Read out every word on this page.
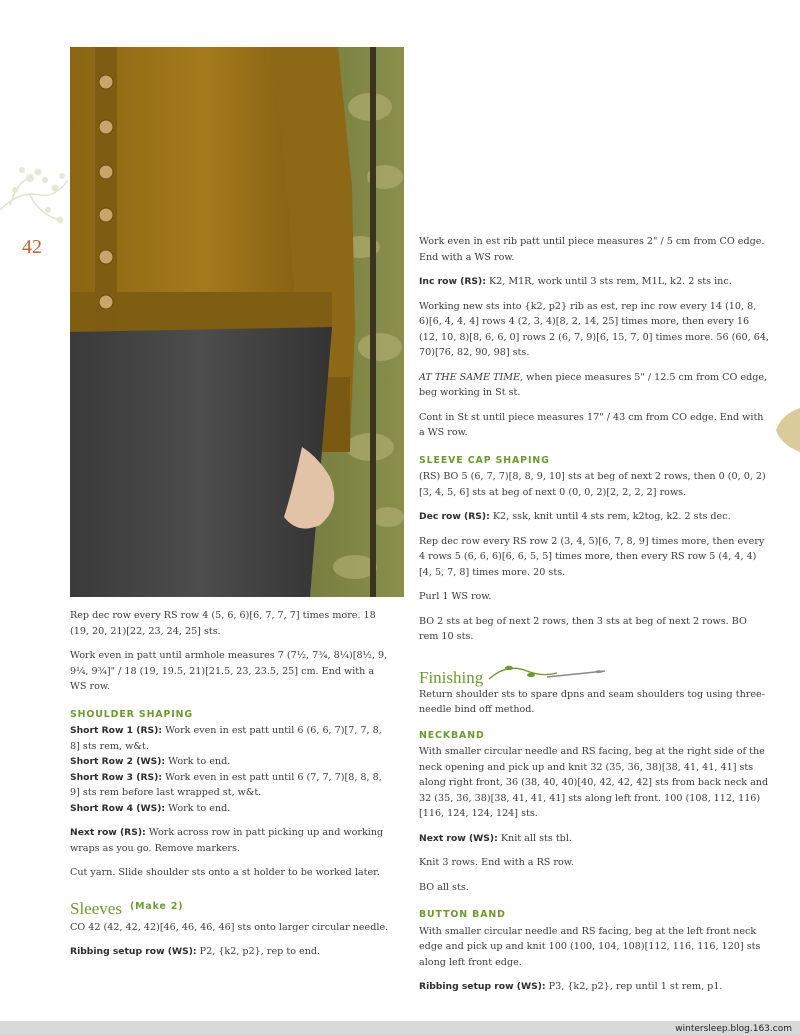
42

Rep dec row every RS row 4 (5, 6, 6)[6, 7, 7, 7] times more. 18 (19, 20, 21)[22, 23, 24, 25] sts.

Work even in patt until armhole measures 7 (7½, 7¾, 8¼)[8½, 9, 9¼, 9¾]" / 18 (19, 19.5, 21)[21.5, 23, 23.5, 25] cm. End with a WS row.

SHOULDER SHAPING

Short Row 1 (RS): Work even in est patt until 6 (6, 6, 7)[7, 7, 8, 8] sts rem, w&t.

Short Row 2 (WS): Work to end.

Short Row 3 (RS): Work even in est patt until 6 (7, 7, 7)[8, 8, 8, 9] sts rem before last wrapped st, w&t.

Short Row 4 (WS): Work to end.

Next row (RS): Work across row in patt picking up and working wraps as you go. Remove markers.

Cut yarn. Slide shoulder sts onto a st holder to be worked later.

Sleeves (Make 2)

CO 42 (42, 42, 42)[46, 46, 46, 46] sts onto larger circular needle.

Ribbing setup row (WS): P2, {k2, p2}, rep to end.

Work even in est rib patt until piece measures 2" / 5 cm from CO edge. End with a WS row.

Inc row (RS): K2, M1R, work until 3 sts rem, M1L, k2. 2 sts inc.

Working new sts into {k2, p2} rib as est, rep inc row every 14 (10, 8, 6)[6, 4, 4, 4] rows 4 (2, 3, 4)[8, 2, 14, 25] times more, then every 16 (12, 10, 8)[8, 6, 6, 0] rows 2 (6, 7, 9)[6, 15, 7, 0] times more. 56 (60, 64, 70)[76, 82, 90, 98] sts.

AT THE SAME TIME, when piece measures 5" / 12.5 cm from CO edge, beg working in St st.

Cont in St st until piece measures 17" / 43 cm from CO edge. End with a WS row.

SLEEVE CAP SHAPING

(RS) BO 5 (6, 7, 7)[8, 8, 9, 10] sts at beg of next 2 rows, then 0 (0, 0, 2)[3, 4, 5, 6] sts at beg of next 0 (0, 0, 2)[2, 2, 2, 2] rows.

Dec row (RS): K2, ssk, knit until 4 sts rem, k2tog, k2. 2 sts dec.

Rep dec row every RS row 2 (3, 4, 5)[6, 7, 8, 9] times more, then every 4 rows 5 (6, 6, 6)[6, 6, 5, 5] times more, then every RS row 5 (4, 4, 4)[4, 5, 7, 8] times more. 20 sts.

Purl 1 WS row.

BO 2 sts at beg of next 2 rows, then 3 sts at beg of next 2 rows. BO rem 10 sts.

Finishing

Return shoulder sts to spare dpns and seam shoulders tog using three-needle bind off method.

NECKBAND

With smaller circular needle and RS facing, beg at the right side of the neck opening and pick up and knit 32 (35, 36, 38)[38, 41, 41, 41] sts along right front, 36 (38, 40, 40)[40, 42, 42, 42] sts from back neck and 32 (35, 36, 38)[38, 41, 41, 41] sts along left front. 100 (108, 112, 116)[116, 124, 124, 124] sts.

Next row (WS): Knit all sts tbl.

Knit 3 rows. End with a RS row.

BO all sts.

BUTTON BAND

With smaller circular needle and RS facing, beg at the left front neck edge and pick up and knit 100 (100, 104, 108)[112, 116, 116, 120] sts along left front edge.

Ribbing setup row (WS): P3, {k2, p2}, rep until 1 st rem, p1.

wintersleep.blog.163.com
